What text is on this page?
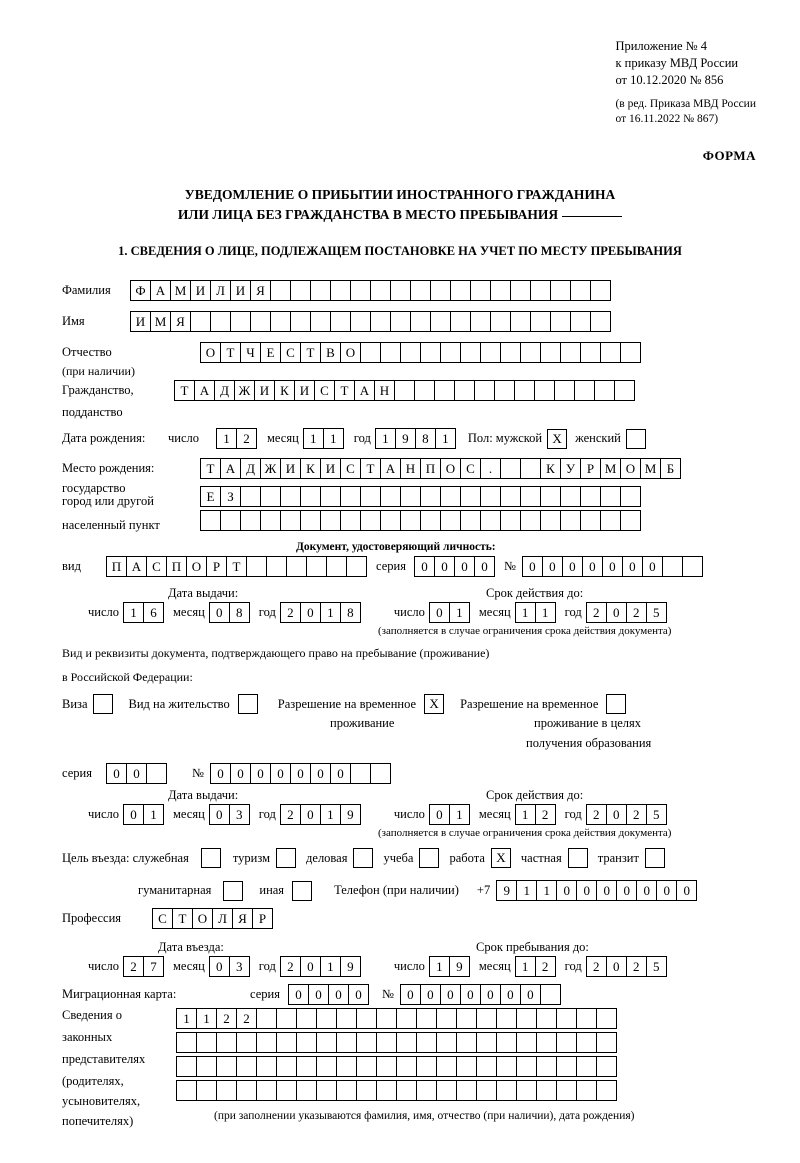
Приложение № 4
к приказу МВД России
от 10.12.2020 № 856
(в ред. Приказа МВД России
от 16.11.2022 № 867)
ФОРМА
УВЕДОМЛЕНИЕ О ПРИБЫТИИ ИНОСТРАННОГО ГРАЖДАНИНА
ИЛИ ЛИЦА БЕЗ ГРАЖДАНСТВА В МЕСТО ПРЕБЫВАНИЯ
1. СВЕДЕНИЯ О ЛИЦЕ, ПОДЛЕЖАЩЕМ ПОСТАНОВКЕ НА УЧЕТ ПО МЕСТУ ПРЕБЫВАНИЯ
Фамилия	Ф А М И Л И Я
Имя	И М Я
Отчество	О Т Ч Е С Т В О
(при наличии)
Гражданство,	Т А Д Ж И К И С Т А Н
подданство
Дата рождения:	число	1	2	месяц 1	1	год 1	9	8	1	Пол: мужской X	женский
Место рождения:	Т А Д Ж И К И С Т А Н П О С	.	К У Р М О М Б
государство
Е З
город или другой
населенный пункт
Документ, удостоверяющий личность:
вид	П А С П О Р Т	серия	0	0	0	0	№	0	0	0	0	0	0	0
Дата выдачи:	Срок действия до:
число 1	6	месяц 0	8	год 2	0	1	8	число 0	1	месяц 1	1	год 2	0	2	5
(заполняется в случае ограничения срока действия документа)
Вид и реквизиты документа, подтверждающего право на пребывание (проживание)
в Российской Федерации:
Виза	Вид на жительство	Разрешение на временное	X	Разрешение на временное
проживание	проживание в целях
получения образования
серия	0	0	№	0	0	0	0	0	0	0
Дата выдачи:	Срок действия до:
число 0	1	месяц 0	3	год 2	0	1	9	число 0	1	месяц 1	2	год 2	0	2	5
(заполняется в случае ограничения срока действия документа)
Цель въезда: служебная	туризм	деловая	учеба	работа X	частная	транзит
гуманитарная	иная	Телефон (при наличии)	+7	9	1	1	0	0	0	0	0	0	0
Профессия	С Т О Л Я Р
Дата въезда:	Срок пребывания до:
число 2	7	месяц 0	3	год 2	0	1	9	число 1	9	месяц 1	2	год 2	0	2	5
Миграционная карта:	серия	0	0	0	0	№	0	0	0	0	0	0	0
Сведения о
законных
представителях
(родителях,
усыновителях,
попечителях)
1	1	2	2
(при заполнении указываются фамилия, имя, отчество (при наличии), дата рождения)
